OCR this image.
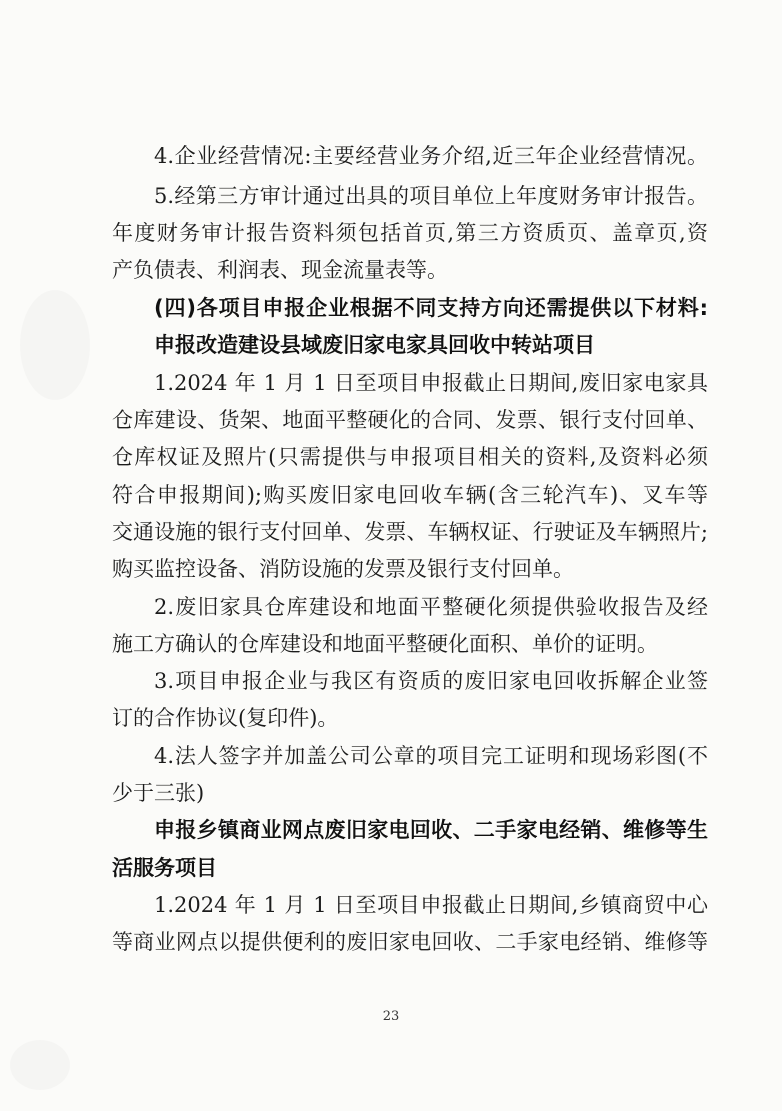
4.企业经营情况:主要经营业务介绍,近三年企业经营情况。
5.经第三方审计通过出具的项目单位上年度财务审计报告。
年度财务审计报告资料须包括首页,第三方资质页、盖章页,资
产负债表、利润表、现金流量表等。
(四)各项目申报企业根据不同支持方向还需提供以下材料:
申报改造建设县域废旧家电家具回收中转站项目
1.2024 年 1 月 1 日至项目申报截止日期间,废旧家电家具
仓库建设、货架、地面平整硬化的合同、发票、银行支付回单、
仓库权证及照片(只需提供与申报项目相关的资料,及资料必须
符合申报期间);购买废旧家电回收车辆(含三轮汽车)、叉车等
交通设施的银行支付回单、发票、车辆权证、行驶证及车辆照片;
购买监控设备、消防设施的发票及银行支付回单。
2.废旧家具仓库建设和地面平整硬化须提供验收报告及经
施工方确认的仓库建设和地面平整硬化面积、单价的证明。
3.项目申报企业与我区有资质的废旧家电回收拆解企业签
订的合作协议(复印件)。
4.法人签字并加盖公司公章的项目完工证明和现场彩图(不
少于三张)
申报乡镇商业网点废旧家电回收、二手家电经销、维修等生
活服务项目
1.2024 年 1 月 1 日至项目申报截止日期间,乡镇商贸中心
等商业网点以提供便利的废旧家电回收、二手家电经销、维修等
23
